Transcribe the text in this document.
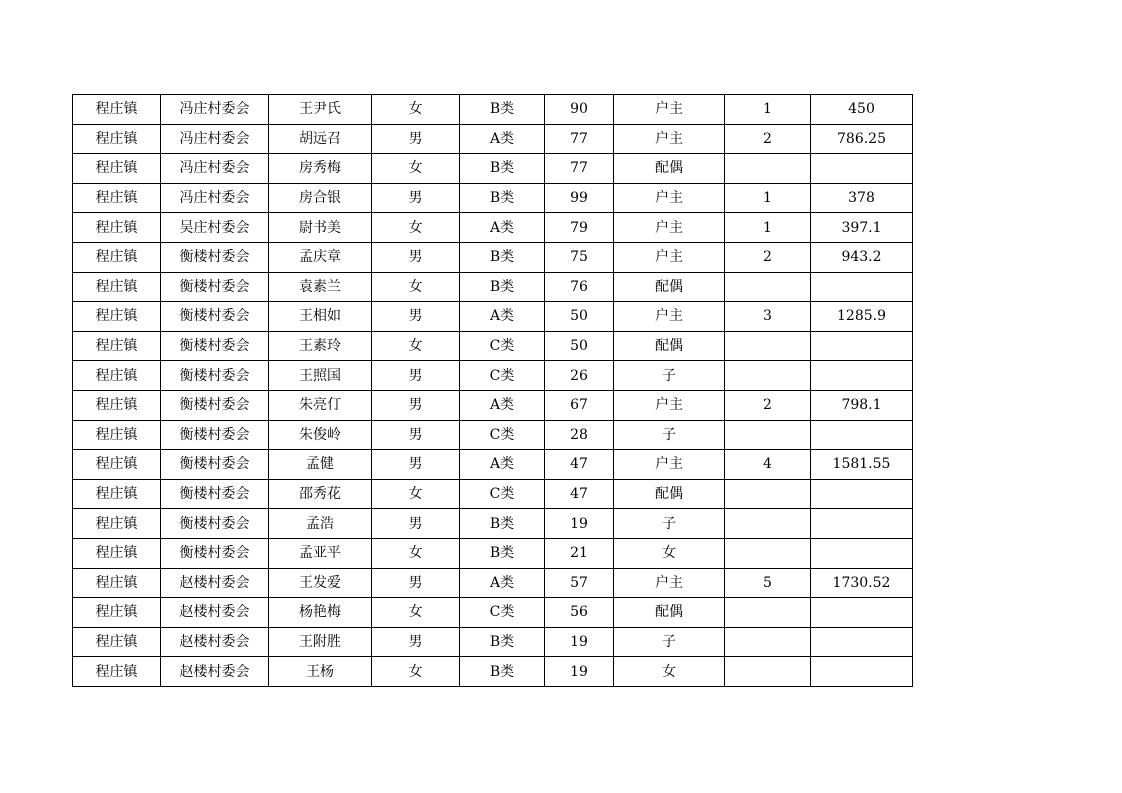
程庄镇	冯庄村委会	王尹氏	女	B类	90	户主	1	450
程庄镇	冯庄村委会	胡远召	男	A类	77	户主	2	786.25
程庄镇	冯庄村委会	房秀梅	女	B类	77	配偶		
程庄镇	冯庄村委会	房合银	男	B类	99	户主	1	378
程庄镇	吴庄村委会	尉书美	女	A类	79	户主	1	397.1
程庄镇	衡楼村委会	孟庆章	男	B类	75	户主	2	943.2
程庄镇	衡楼村委会	袁素兰	女	B类	76	配偶		
程庄镇	衡楼村委会	王相如	男	A类	50	户主	3	1285.9
程庄镇	衡楼村委会	王素玲	女	C类	50	配偶		
程庄镇	衡楼村委会	王照国	男	C类	26	子		
程庄镇	衡楼村委会	朱亮仃	男	A类	67	户主	2	798.1
程庄镇	衡楼村委会	朱俊岭	男	C类	28	子		
程庄镇	衡楼村委会	孟健	男	A类	47	户主	4	1581.55
程庄镇	衡楼村委会	邵秀花	女	C类	47	配偶		
程庄镇	衡楼村委会	孟浩	男	B类	19	子		
程庄镇	衡楼村委会	孟亚平	女	B类	21	女		
程庄镇	赵楼村委会	王发爱	男	A类	57	户主	5	1730.52
程庄镇	赵楼村委会	杨艳梅	女	C类	56	配偶		
程庄镇	赵楼村委会	王附胜	男	B类	19	子		
程庄镇	赵楼村委会	王杨	女	B类	19	女		
